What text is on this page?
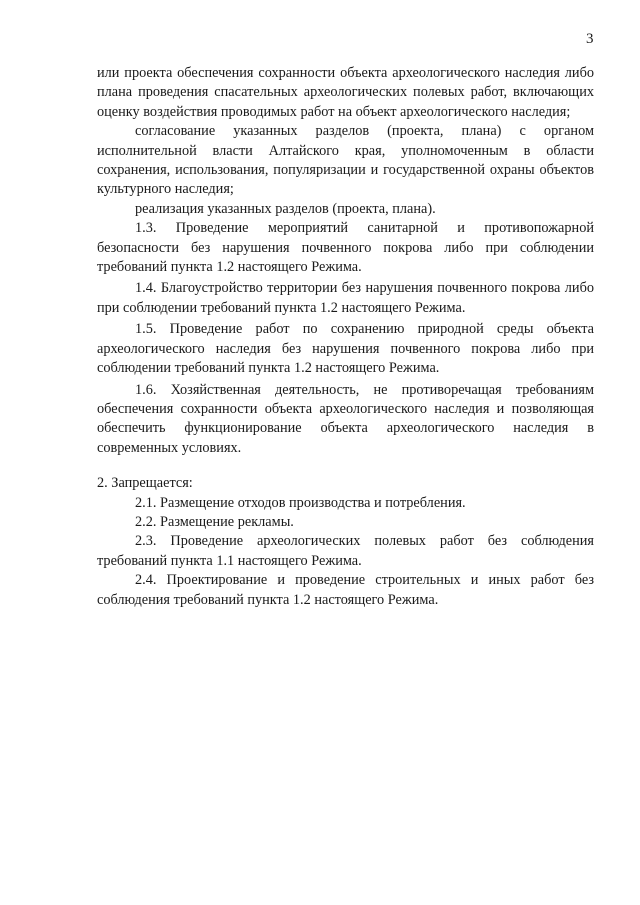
3

или проекта обеспечения сохранности объекта археологического наследия либо плана проведения спасательных археологических полевых работ, включающих оценку воздействия проводимых работ на объект археологического наследия;

согласование указанных разделов (проекта, плана) с органом исполнительной власти Алтайского края, уполномоченным в области сохранения, использования, популяризации и государственной охраны объектов культурного наследия;

реализация указанных разделов (проекта, плана).

1.3. Проведение мероприятий санитарной и противопожарной безопасности без нарушения почвенного покрова либо при соблюдении требований пункта 1.2 настоящего Режима.

1.4. Благоустройство территории без нарушения почвенного покрова либо при соблюдении требований пункта 1.2 настоящего Режима.

1.5. Проведение работ по сохранению природной среды объекта археологического наследия без нарушения почвенного покрова либо при соблюдении требований пункта 1.2 настоящего Режима.

1.6. Хозяйственная деятельность, не противоречащая требованиям обеспечения сохранности объекта археологического наследия и позволяющая обеспечить функционирование объекта археологического наследия в современных условиях.

2. Запрещается:

2.1. Размещение отходов производства и потребления.

2.2. Размещение рекламы.

2.3. Проведение археологических полевых работ без соблюдения требований пункта 1.1 настоящего Режима.

2.4. Проектирование и проведение строительных и иных работ без соблюдения требований пункта 1.2 настоящего Режима.
